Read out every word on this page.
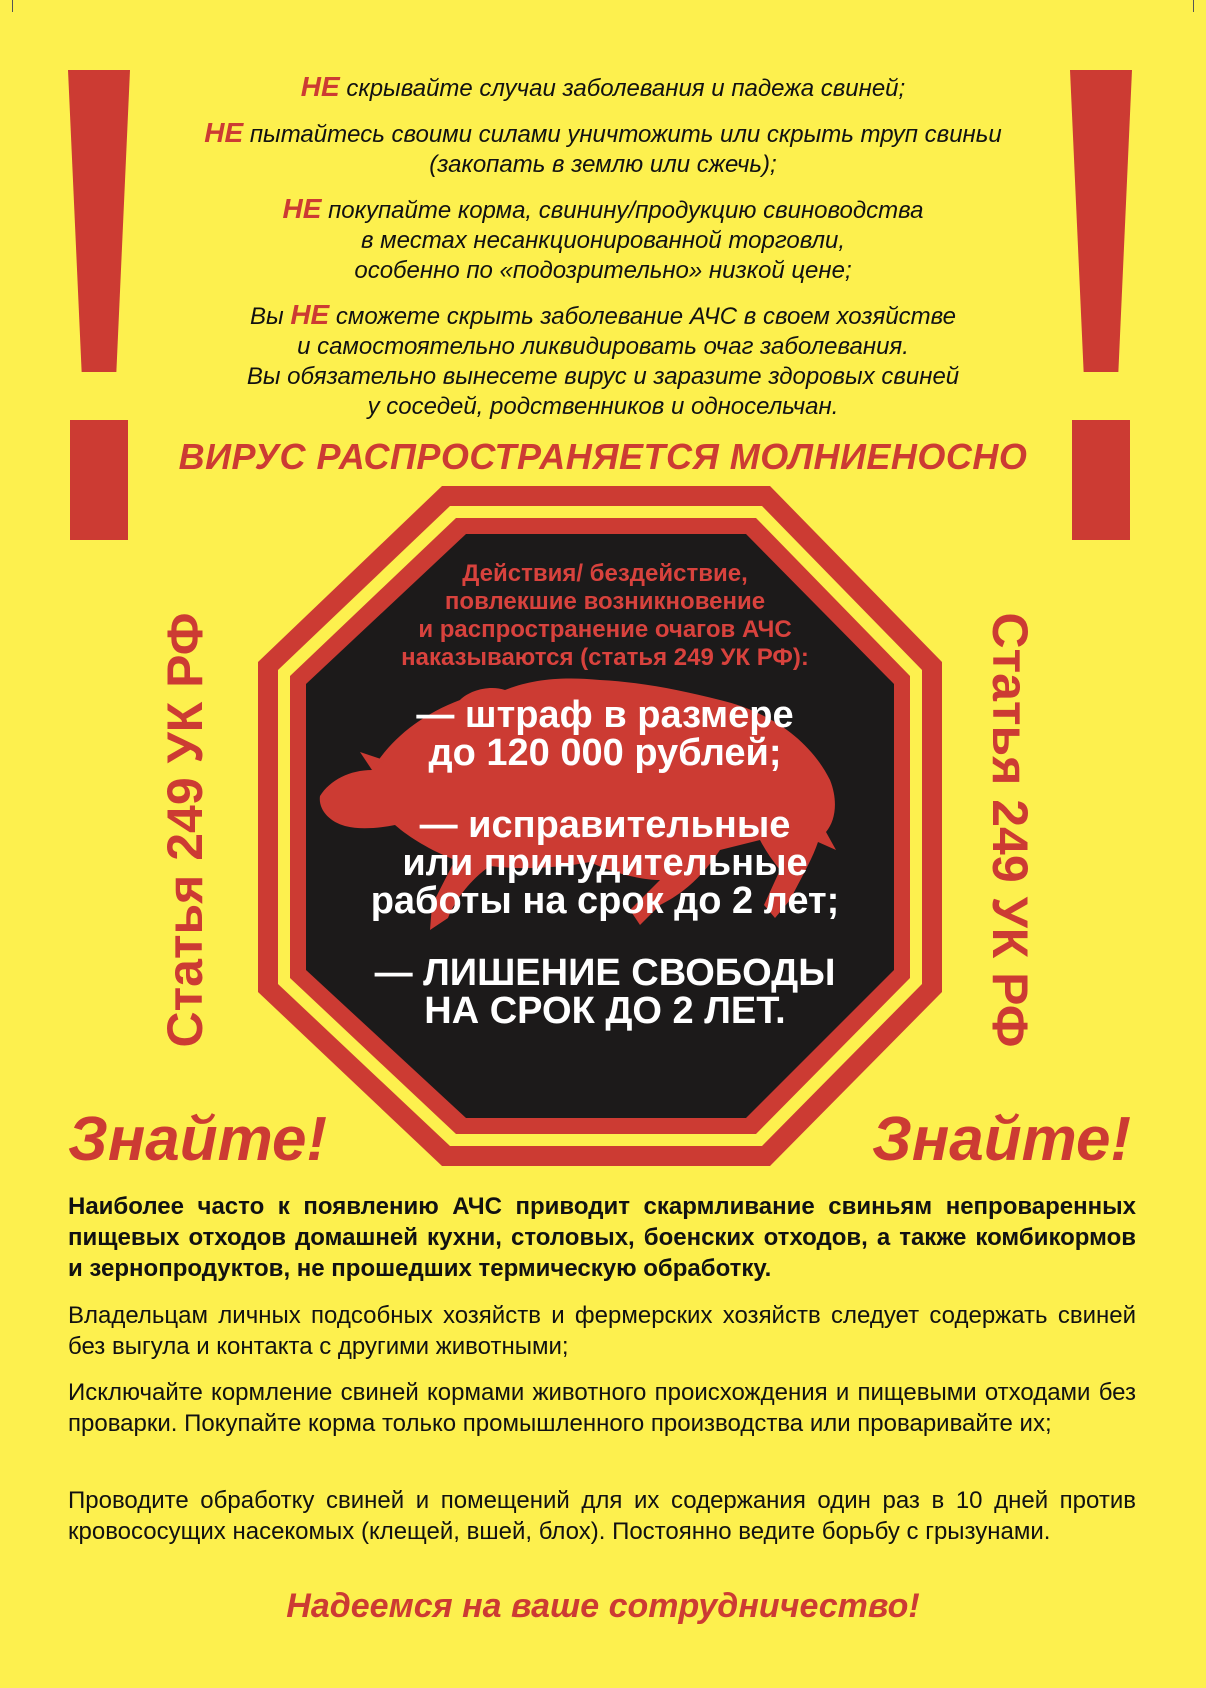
НЕ скрывайте случаи заболевания и падежа свиней;
НЕ пытайтесь своими силами уничтожить или скрыть труп свиньи
(закопать в землю или сжечь);
НЕ покупайте корма, свинину/продукцию свиноводства
в местах несанкционированной торговли,
особенно по «подозрительно» низкой цене;
Вы НЕ сможете скрыть заболевание АЧС в своем хозяйстве
и самостоятельно ликвидировать очаг заболевания.
Вы обязательно вынесете вирус и заразите здоровых свиней
у соседей, родственников и односельчан.
ВИРУС РАСПРОСТРАНЯЕТСЯ МОЛНИЕНОСНО
Действия/ бездействие,
повлекшие возникновение
и распространение очагов АЧС
наказываются (статья 249 УК РФ):
— штраф в размере
до 120 000 рублей;
— исправительные
или принудительные
работы на срок до 2 лет;
— ЛИШЕНИЕ СВОБОДЫ
НА СРОК ДО 2 ЛЕТ.
Статья 249 УК РФ	Статья 249 УК РФ
Знайте!	Знайте!
Наиболее часто к появлению АЧС приводит скармливание свиньям непроваренных пищевых отходов домашней кухни, столовых, боенских отходов, а также комбикормов и зернопродуктов, не прошедших термическую обработку.
Владельцам личных подсобных хозяйств и фермерских хозяйств следует содержать свиней без выгула и контакта с другими животными;
Исключайте кормление свиней кормами животного происхождения и пищевыми отходами без проварки. Покупайте корма только промышленного производства или проваривайте их;
Проводите обработку свиней и помещений для их содержания один раз в 10 дней против кровососущих насекомых (клещей, вшей, блох). Постоянно ведите борьбу с грызунами.
Надеемся на ваше сотрудничество!
